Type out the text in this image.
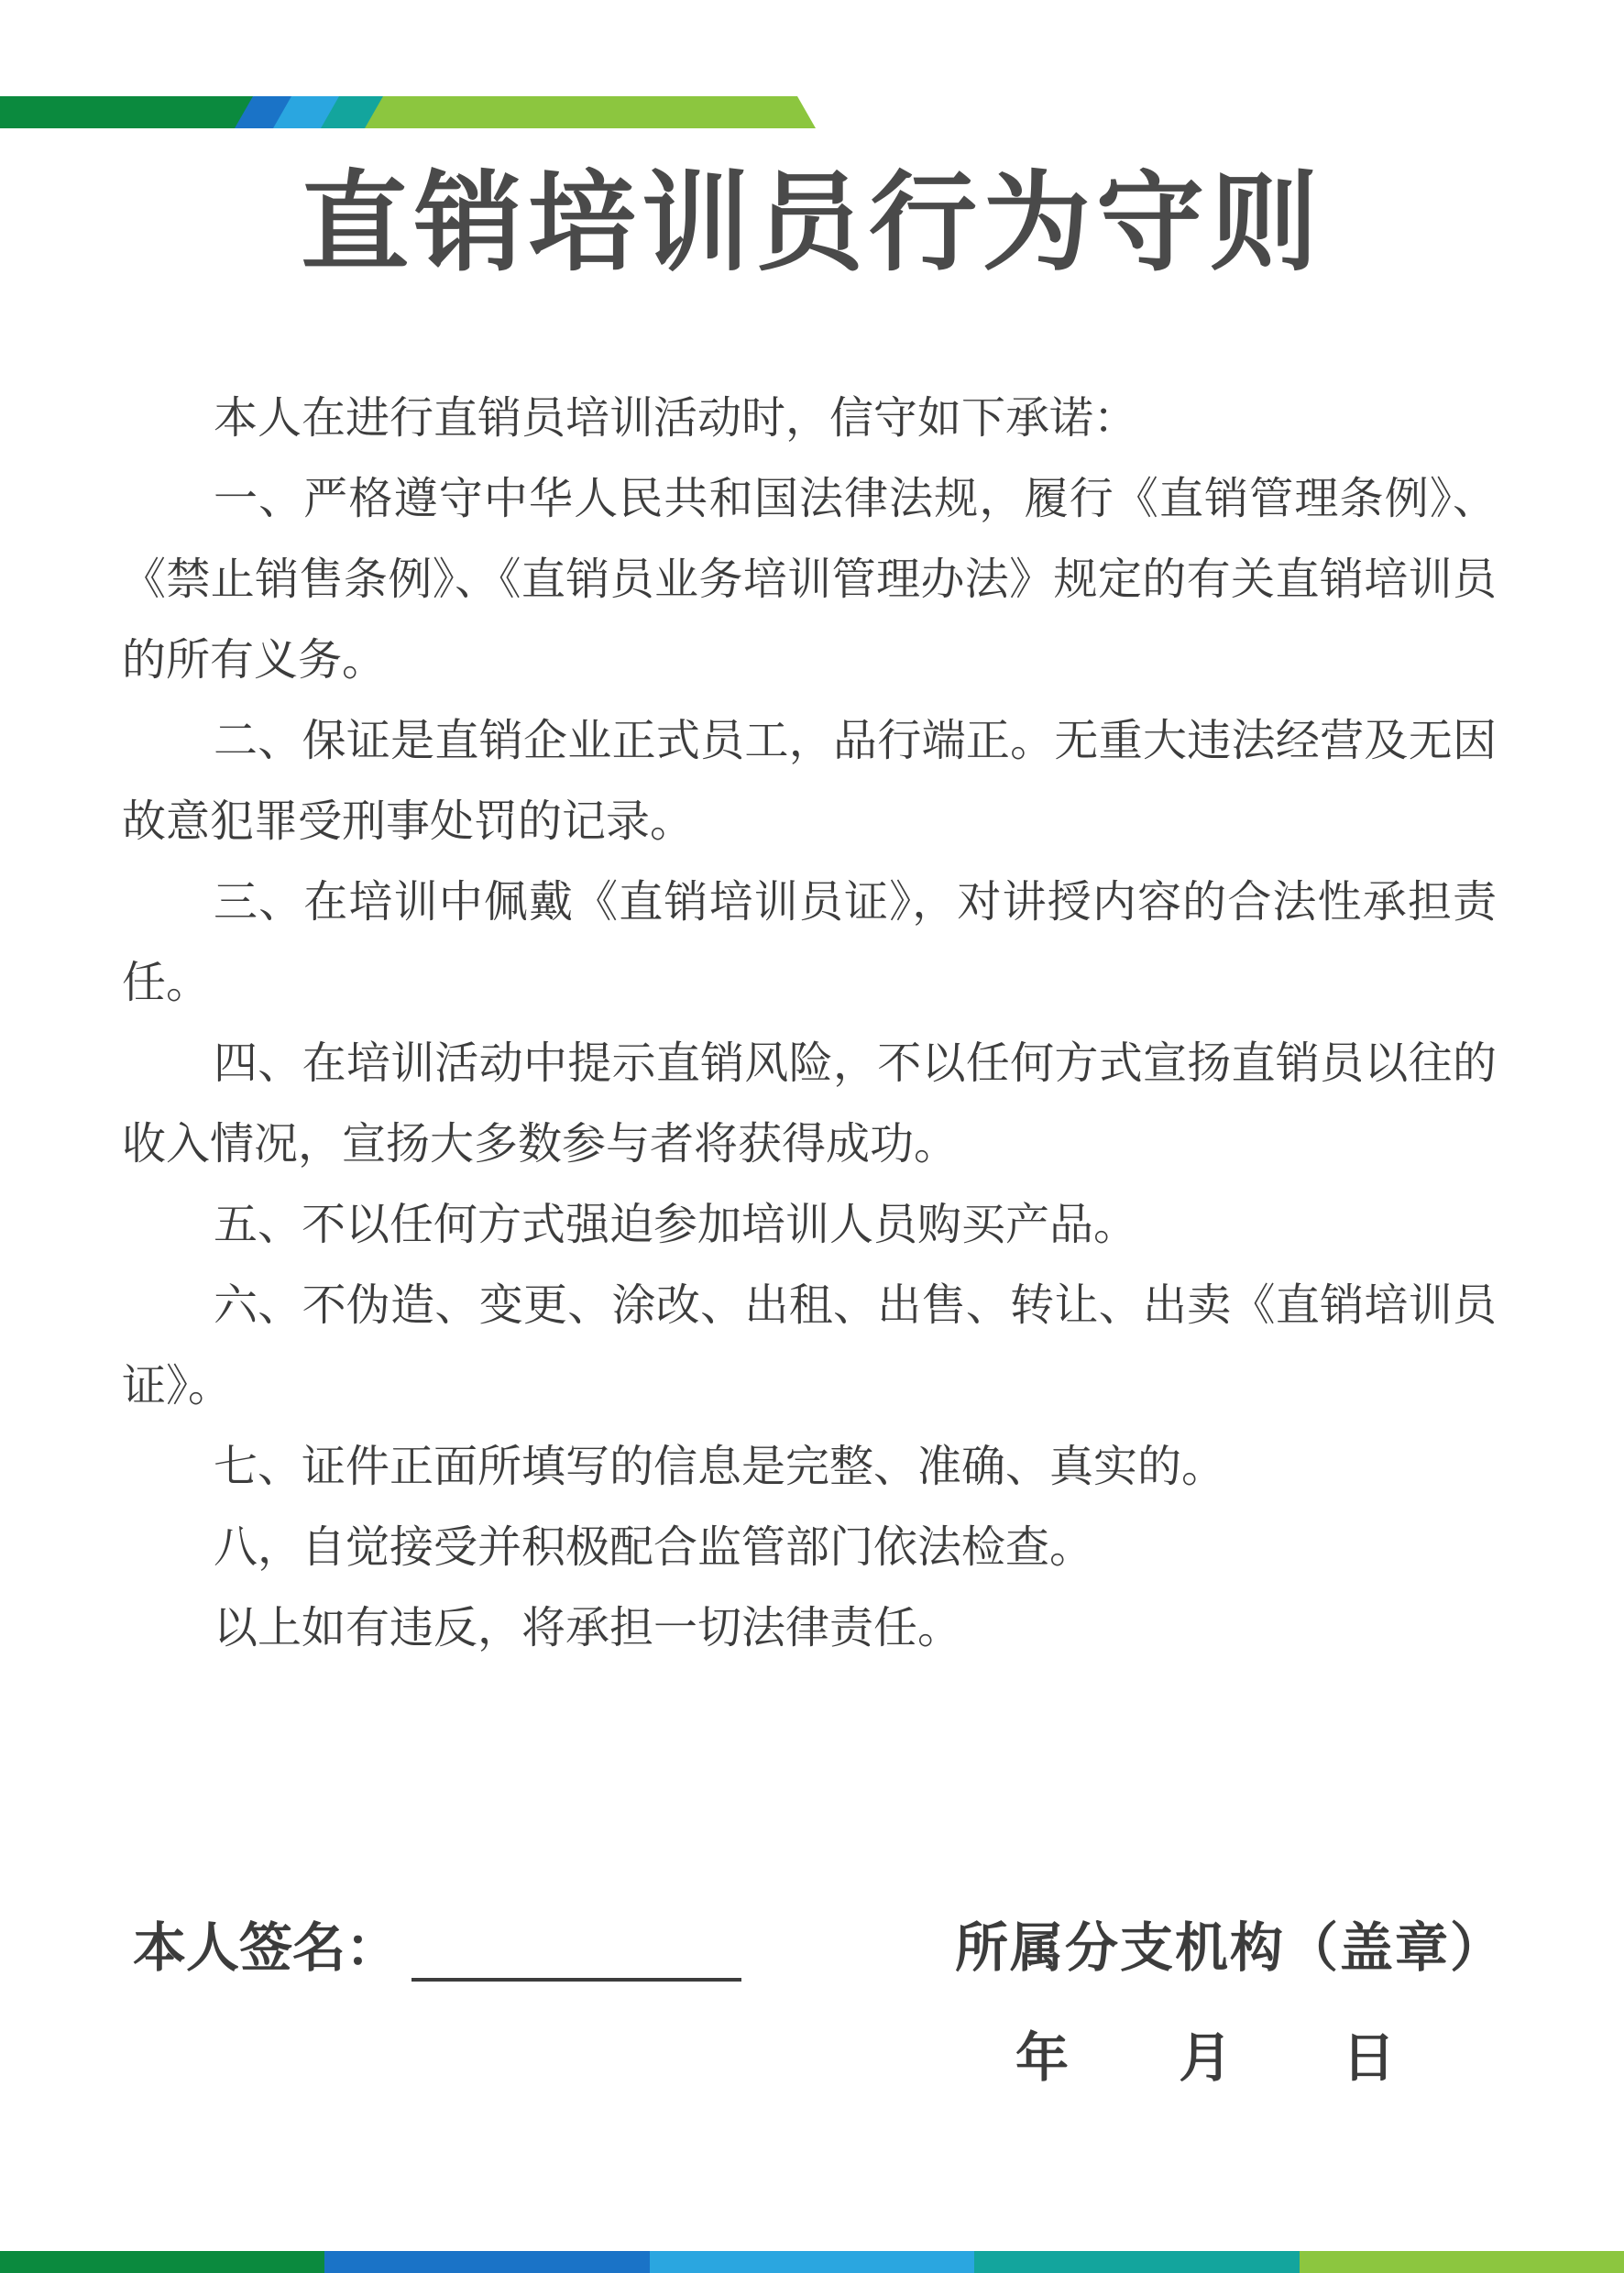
直销培训员行为守则

本人在进行直销员培训活动时，信守如下承诺：

一、严格遵守中华人民共和国法律法规，履行《直销管理条例》、《禁止销售条例》、《直销员业务培训管理办法》规定的有关直销培训员的所有义务。

二、保证是直销企业正式员工，品行端正。无重大违法经营及无因故意犯罪受刑事处罚的记录。

三、在培训中佩戴《直销培训员证》，对讲授内容的合法性承担责任。

四、在培训活动中提示直销风险，不以任何方式宣扬直销员以往的收入情况，宣扬大多数参与者将获得成功。

五、不以任何方式强迫参加培训人员购买产品。

六、不伪造、变更、涂改、出租、出售、转让、出卖《直销培训员证》。

七、证件正面所填写的信息是完整、准确、真实的。

八，自觉接受并积极配合监管部门依法检查。

以上如有违反，将承担一切法律责任。

本人签名：	所属分支机构（盖章）
年 月 日
